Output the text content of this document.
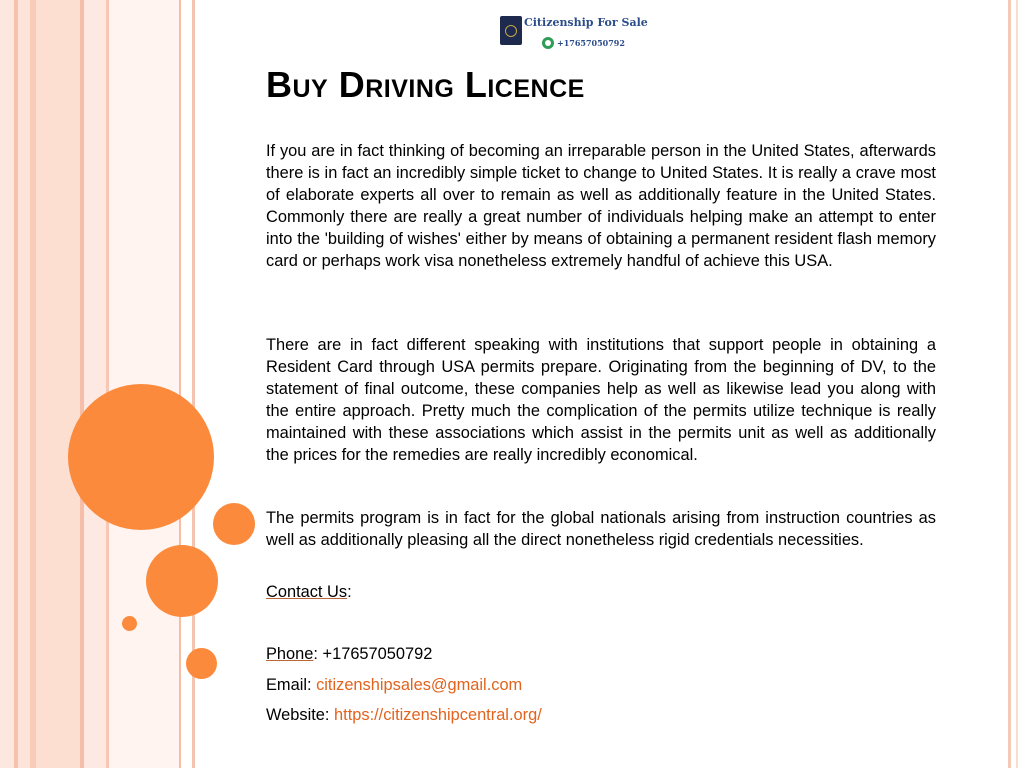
Citizenship For Sale
+17657050792
Buy Driving Licence

If you are in fact thinking of becoming an irreparable person in the United States, afterwards there is in fact an incredibly simple ticket to change to United States. It is really a crave most of elaborate experts all over to remain as well as additionally feature in the United States. Commonly there are really a great number of individuals helping make an attempt to enter into the 'building of wishes' either by means of obtaining a permanent resident flash memory card or perhaps work visa nonetheless extremely handful of achieve this USA.

There are in fact different speaking with institutions that support people in obtaining a Resident Card through USA permits prepare. Originating from the beginning of DV, to the statement of final outcome, these companies help as well as likewise lead you along with the entire approach. Pretty much the complication of the permits utilize technique is really maintained with these associations which assist in the permits unit as well as additionally the prices for the remedies are really incredibly economical.

The permits program is in fact for the global nationals arising from instruction countries as well as additionally pleasing all the direct nonetheless rigid credentials necessities.

Contact Us:

Phone: +17657050792

Email: citizenshipsales@gmail.com

Website: https://citizenshipcentral.org/
